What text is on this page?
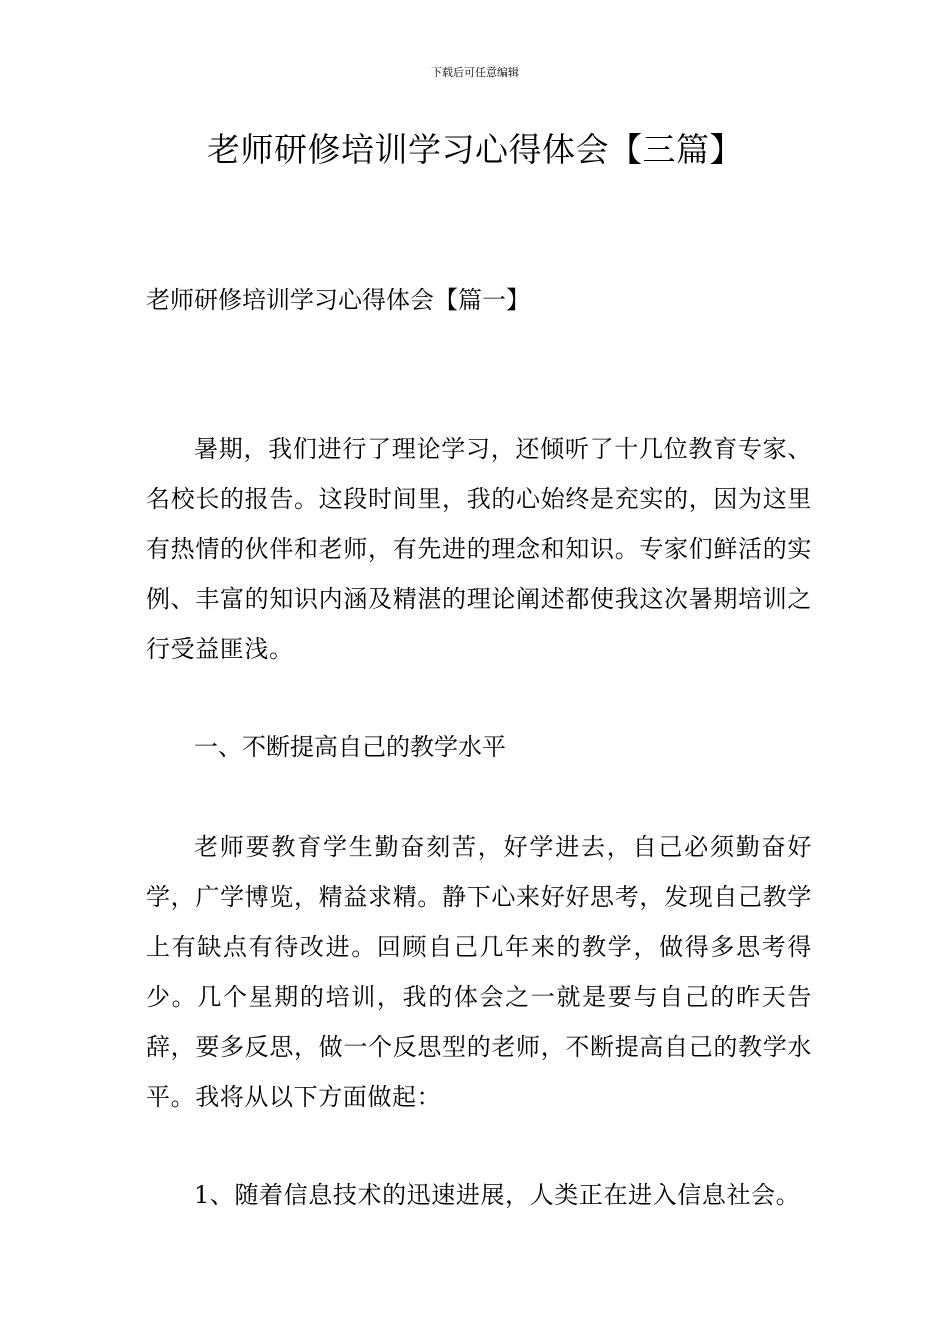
下载后可任意编辑
老师研修培训学习心得体会【三篇】
老师研修培训学习心得体会【篇一】

暑期，我们进行了理论学习，还倾听了十几位教育专家、名校长的报告。这段时间里，我的心始终是充实的，因为这里有热情的伙伴和老师，有先进的理念和知识。专家们鲜活的实例、丰富的知识内涵及精湛的理论阐述都使我这次暑期培训之行受益匪浅。

一、不断提高自己的教学水平

老师要教育学生勤奋刻苦，好学进去，自己必须勤奋好学，广学博览，精益求精。静下心来好好思考，发现自己教学上有缺点有待改进。回顾自己几年来的教学，做得多思考得少。几个星期的培训，我的体会之一就是要与自己的昨天告辞，要多反思，做一个反思型的老师，不断提高自己的教学水平。我将从以下方面做起：

1、随着信息技术的迅速进展，人类正在进入信息社会。
